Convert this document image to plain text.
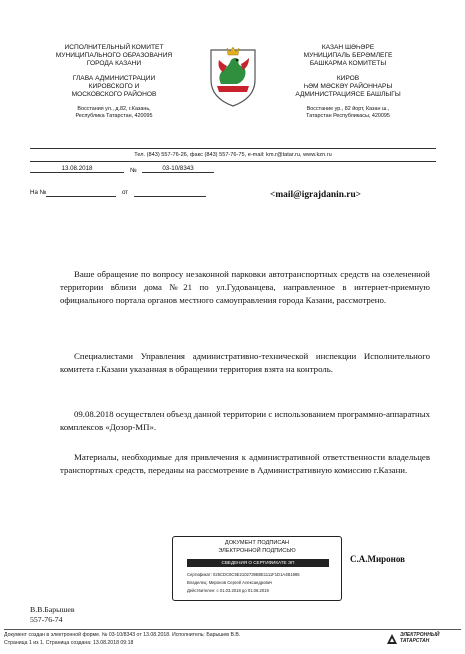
ИСПОЛНИТЕЛЬНЫЙ КОМИТЕТ
МУНИЦИПАЛЬНОГО ОБРАЗОВАНИЯ
ГОРОДА КАЗАНИ
ГЛАВА АДМИНИСТРАЦИИ
КИРОВСКОГО И
МОСКОВСКОГО РАЙОНОВ
Восстания ул., д.82, г.Казань,
Республика Татарстан, 420095
КАЗАН ШӘҺӘРЕ
МУНИЦИПАЛЬ БЕРӘМЛЕГЕ
БАШКАРМА КОМИТЕТЫ
КИРОВ
ҺӘМ МӘСКӘҮ РАЙОННАРЫ
АДМИНИСТРАЦИЯСЕ БАШЛЫГЫ
Восстание ур., 82 йорт, Казан ш.,
Татарстан Республикасы, 420095
Тел. (843) 557-76-26, факс (843) 557-76-75, e-mail: km.r@tatar.ru, www.kzn.ru
13.08.2018	№	03-10/8343
На №	от	<mail@igrajdanin.ru>
Ваше обращение по вопросу незаконной парковки автотранспортных средств на озелененной территории вблизи дома №21 по ул.Гудованцева, направленное в интернет-приемную официального портала органов местного самоуправления города Казани, рассмотрено.
Специалистами Управления административно-технической инспекции Исполнительного комитета г.Казани указанная в обращении территория взята на контроль.
09.08.2018 осуществлен объезд данной территории с использованием программно-аппаратных комплексов «Дозор-МП».
Материалы, необходимые для привлечения к административной ответственности владельцев транспортных средств, переданы на рассмотрение в Административную комиссию г.Казани.
ДОКУМЕНТ ПОДПИСАН
ЭЛЕКТРОННОЙ ПОДПИСЬЮ
СВЕДЕНИЯ О СЕРТИФИКАТЕ ЭП
Сертификат: 025CDC6C5E2102739B8E1111F1D1A4B1985
Владелец: Миронов Сергей Александрович
Действителен: с 01.03.2018 до 01.06.2019
С.А.Миронов
В.В.Барышев
557-76-74
Документ создан в электронной форме. № 03-10/8343 от 13.08.2018. Исполнитель: Барышев В.В.
Страница 1 из 1. Страница создана: 13.08.2018 09:18
ЭЛЕКТРОННЫЙ ТАТАРСТАН
